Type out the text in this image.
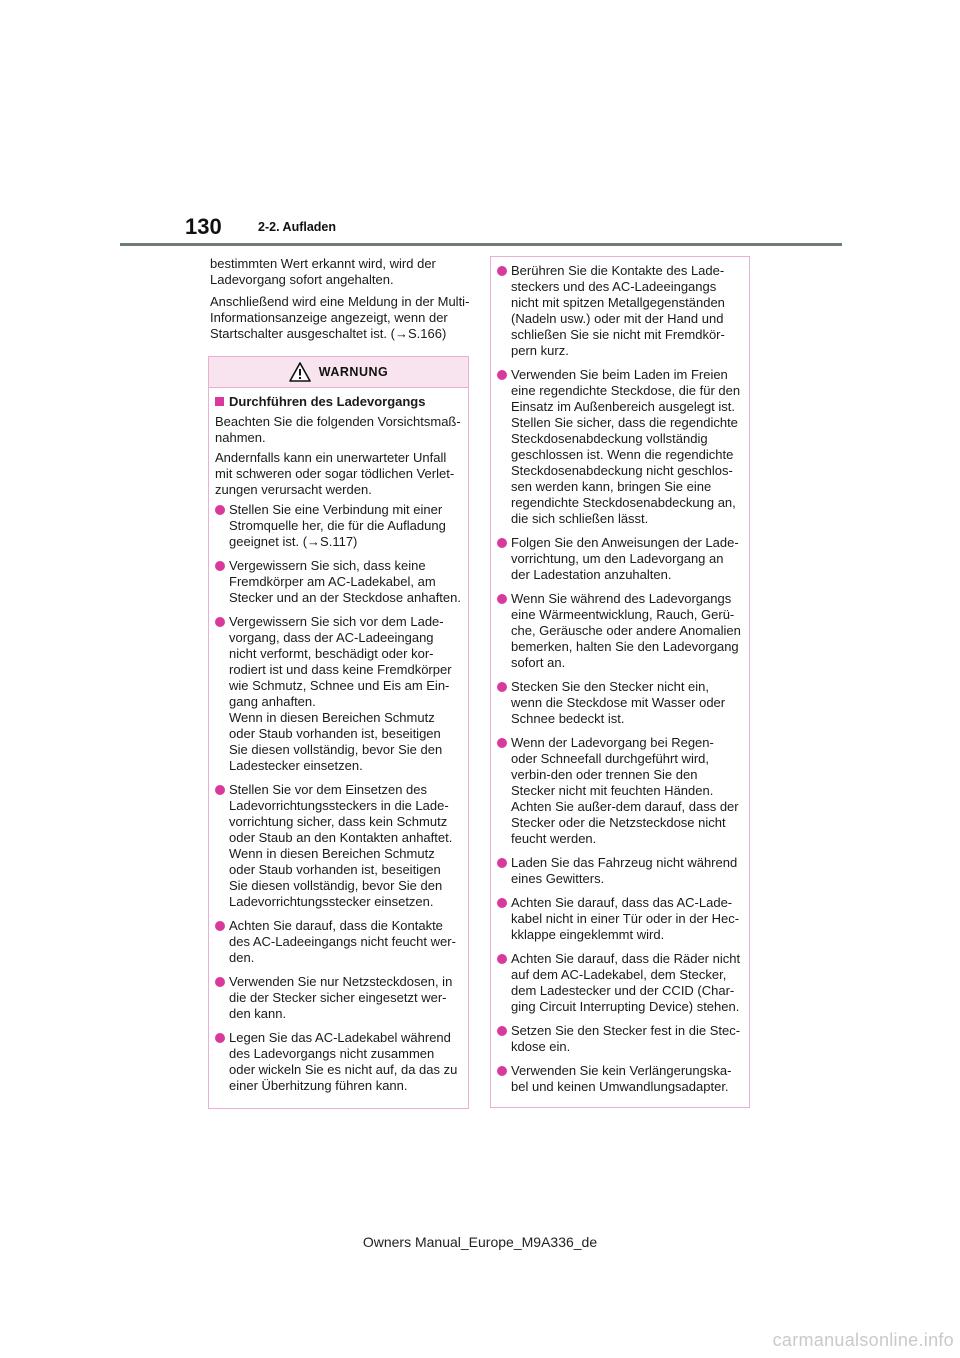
130	2-2. Aufladen

bestimmten Wert erkannt wird, wird der Ladevorgang sofort angehalten.

Anschließend wird eine Meldung in der Multi-Informationsanzeige angezeigt, wenn der Startschalter ausgeschaltet ist. (→S.166)

WARNUNG
Durchführen des Ladevorgangs

Beachten Sie die folgenden Vorsichtsmaß-nahmen.

Andernfalls kann ein unerwarteter Unfall mit schweren oder sogar tödlichen Verlet-zungen verursacht werden.

Stellen Sie eine Verbindung mit einer Stromquelle her, die für die Aufladung geeignet ist. (→S.117)
Vergewissern Sie sich, dass keine Fremdkörper am AC-Ladekabel, am Stecker und an der Steckdose anhaften.
Vergewissern Sie sich vor dem Lade-vorgang, dass der AC-Ladeeingang nicht verformt, beschädigt oder kor-rodiert ist und dass keine Fremdkörper wie Schmutz, Schnee und Eis am Ein-gang anhaften.
Wenn in diesen Bereichen Schmutz oder Staub vorhanden ist, beseitigen Sie diesen vollständig, bevor Sie den Ladestecker einsetzen.
Stellen Sie vor dem Einsetzen des Ladevorrichtungssteckers in die Lade-vorrichtung sicher, dass kein Schmutz oder Staub an den Kontakten anhaftet.
Wenn in diesen Bereichen Schmutz oder Staub vorhanden ist, beseitigen Sie diesen vollständig, bevor Sie den Ladevorrichtungsstecker einsetzen.
Achten Sie darauf, dass die Kontakte des AC-Ladeeingangs nicht feucht wer-den.
Verwenden Sie nur Netzsteckdosen, in die der Stecker sicher eingesetzt wer-den kann.
Legen Sie das AC-Ladekabel während des Ladevorgangs nicht zusammen oder wickeln Sie es nicht auf, da das zu einer Überhitzung führen kann.
Berühren Sie die Kontakte des Lade-steckers und des AC-Ladeeingangs nicht mit spitzen Metallgegenständen (Nadeln usw.) oder mit der Hand und schließen Sie sie nicht mit Fremdkör-pern kurz.
Verwenden Sie beim Laden im Freien eine regendichte Steckdose, die für den Einsatz im Außenbereich ausgelegt ist. Stellen Sie sicher, dass die regendichte Steckdosenabdeckung vollständig geschlossen ist. Wenn die regendichte Steckdosenabdeckung nicht geschlos-sen werden kann, bringen Sie eine regendichte Steckdosenabdeckung an, die sich schließen lässt.
Folgen Sie den Anweisungen der Lade-vorrichtung, um den Ladevorgang an der Ladestation anzuhalten.
Wenn Sie während des Ladevorgangs eine Wärmeentwicklung, Rauch, Gerü-che, Geräusche oder andere Anomalien bemerken, halten Sie den Ladevorgang sofort an.
Stecken Sie den Stecker nicht ein, wenn die Steckdose mit Wasser oder Schnee bedeckt ist.
Wenn der Ladevorgang bei Regen- oder Schneefall durchgeführt wird, verbin-den oder trennen Sie den Stecker nicht mit feuchten Händen. Achten Sie außer-dem darauf, dass der Stecker oder die Netzsteckdose nicht feucht werden.
Laden Sie das Fahrzeug nicht während eines Gewitters.
Achten Sie darauf, dass das AC-Lade-kabel nicht in einer Tür oder in der Hec-kklappe eingeklemmt wird.
Achten Sie darauf, dass die Räder nicht auf dem AC-Ladekabel, dem Stecker, dem Ladestecker und der CCID (Char-ging Circuit Interrupting Device) stehen.
Setzen Sie den Stecker fest in die Stec-kdose ein.
Verwenden Sie kein Verlängerungska-bel und keinen Umwandlungsadapter.
Owners Manual_Europe_M9A336_de
carmanualsonline.info
